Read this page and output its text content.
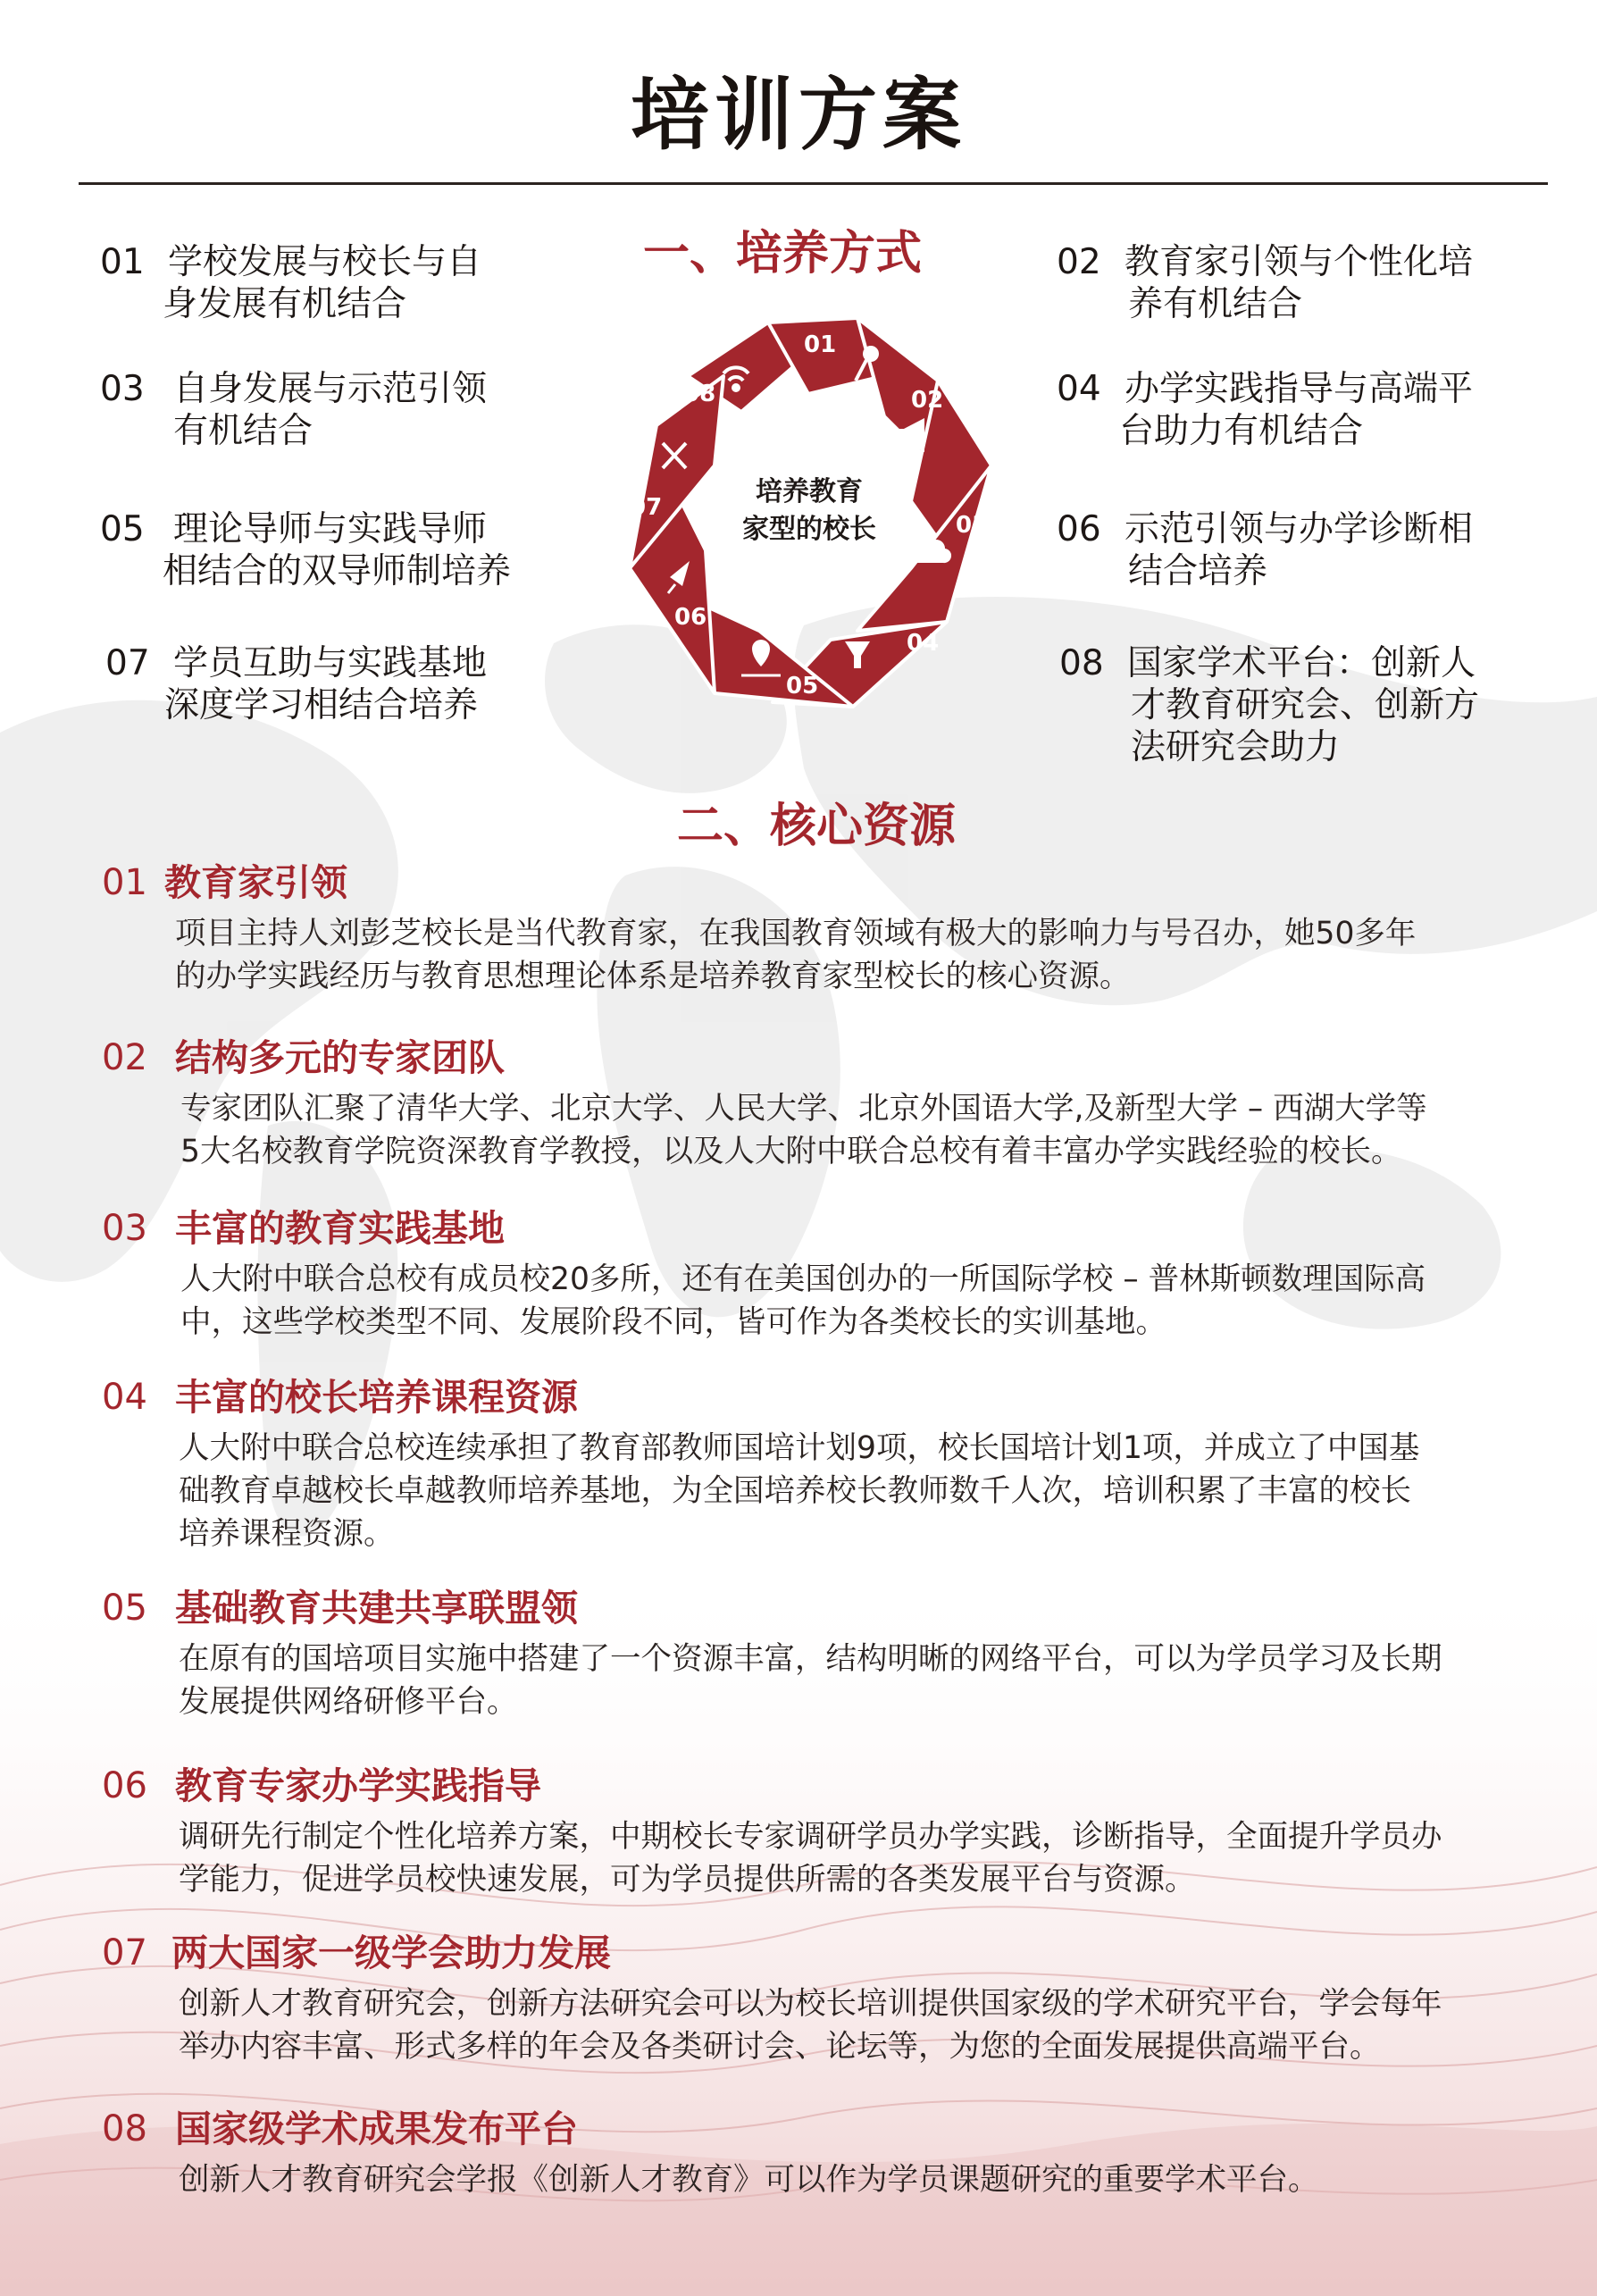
培训方案
一、培养方式
01 学校发展与校长与自
身发展有机结合
03 自身发展与示范引领
有机结合
05 理论导师与实践导师
相结合的双导师制培养
07 学员互助与实践基地
深度学习相结合培养
02 教育家引领与个性化培
养有机结合
04 办学实践指导与高端平
台助力有机结合
06 示范引领与办学诊断相
结合培养
08 国家学术平台：创新人
才教育研究会、创新方
法研究会助力
培养教育
家型的校长
01
02
03
04
05
06
07
08
二、核心资源
01 教育家引领
项目主持人刘彭芝校长是当代教育家，在我国教育领域有极大的影响力与号召办，她50多年
的办学实践经历与教育思想理论体系是培养教育家型校长的核心资源。
02 结构多元的专家团队
专家团队汇聚了清华大学、北京大学、人民大学、北京外国语大学,及新型大学 – 西湖大学等
5大名校教育学院资深教育学教授，以及人大附中联合总校有着丰富办学实践经验的校长。
03 丰富的教育实践基地
人大附中联合总校有成员校20多所，还有在美国创办的一所国际学校 – 普林斯顿数理国际高
中，这些学校类型不同、发展阶段不同，皆可作为各类校长的实训基地。
04 丰富的校长培养课程资源
人大附中联合总校连续承担了教育部教师国培计划9项，校长国培计划1项，并成立了中国基
础教育卓越校长卓越教师培养基地，为全国培养校长教师数千人次，培训积累了丰富的校长
培养课程资源。
05 基础教育共建共享联盟领
在原有的国培项目实施中搭建了一个资源丰富，结构明晰的网络平台，可以为学员学习及长期
发展提供网络研修平台。
06 教育专家办学实践指导
调研先行制定个性化培养方案，中期校长专家调研学员办学实践，诊断指导，全面提升学员办
学能力，促进学员校快速发展，可为学员提供所需的各类发展平台与资源。
07 两大国家一级学会助力发展
创新人才教育研究会，创新方法研究会可以为校长培训提供国家级的学术研究平台，学会每年
举办内容丰富、形式多样的年会及各类研讨会、论坛等，为您的全面发展提供高端平台。
08 国家级学术成果发布平台
创新人才教育研究会学报《创新人才教育》可以作为学员课题研究的重要学术平台。
